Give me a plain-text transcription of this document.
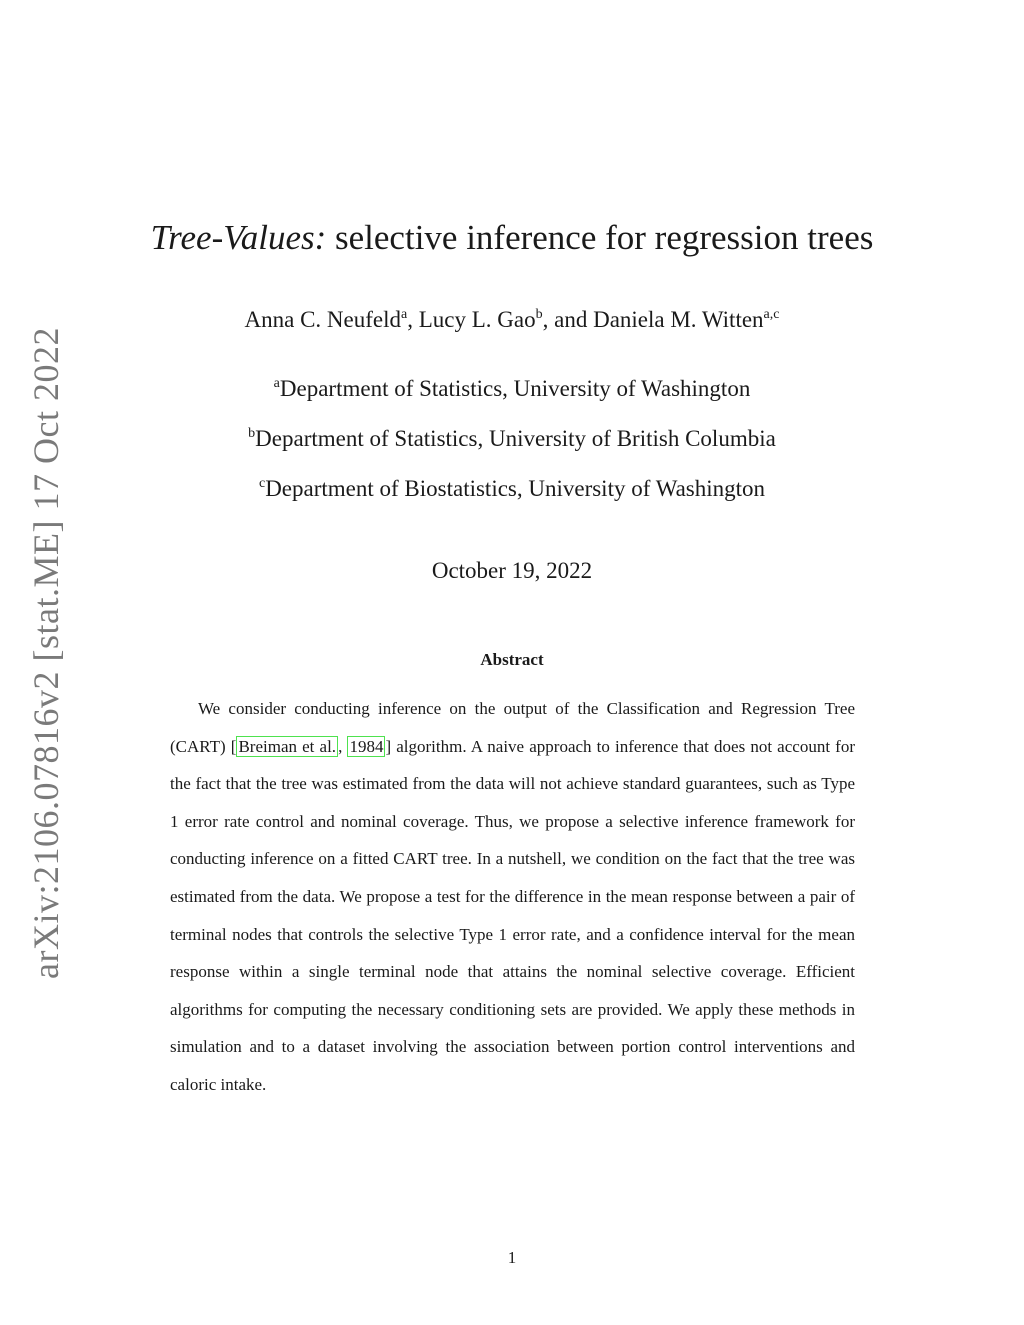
arXiv:2106.07816v2 [stat.ME] 17 Oct 2022
Tree-Values: selective inference for regression trees
Anna C. Neufeld$^a$, Lucy L. Gao$^b$, and Daniela M. Witten$^{a,c}$
$^a$Department of Statistics, University of Washington
$^b$Department of Statistics, University of British Columbia
$^c$Department of Biostatistics, University of Washington
October 19, 2022
Abstract

We consider conducting inference on the output of the Classification and Regression Tree (CART) [ Breiman et al. , 1984 ] algorithm. A naive approach to inference that does not account for the fact that the tree was estimated from the data will not achieve standard guarantees, such as Type 1 error rate control and nominal coverage. Thus, we propose a selective inference framework for conducting inference on a fitted CART tree. In a nutshell, we condition on the fact that the tree was estimated from the data. We propose a test for the difference in the mean response between a pair of terminal nodes that controls the selective Type 1 error rate, and a confidence interval for the mean response within a single terminal node that attains the nominal selective coverage. Efficient algorithms for computing the necessary conditioning sets are provided. We apply these methods in simulation and to a dataset involving the association between portion control interventions and caloric intake.

1
